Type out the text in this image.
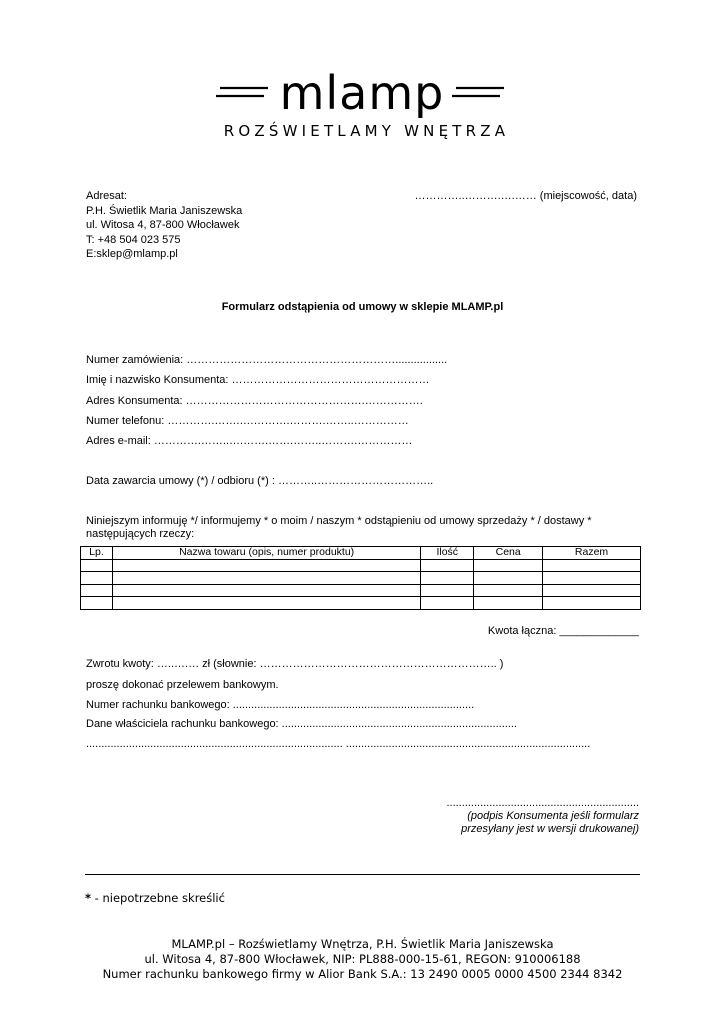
mlamp
ROZŚWIETLAMY WNĘTRZA
Adresat:
P.H. Świetlik Maria Janiszewska
ul. Witosa 4, 87-800 Włocławek
T: +48 504 023 575
E:sklep@mlamp.pl
…………..……….….…… (miejscowość, data)
Formularz odstąpienia od umowy w sklepie MLAMP.pl
Numer zamówienia: ………………………………………………….................
Imię i nazwisko Konsumenta: ………………………………………………
Adres Konsumenta: ………………………………………….…………….
Numer telefonu: ………….…….….……….……….……..……………
Adres e-mail: ………….……..….…….…….……..……….……………
Data zawarcia umowy (*) / odbioru (*) : ………..…………………………..
Niniejszym informuję */ informujemy * o moim / naszym * odstąpieniu od umowy sprzedaży * / dostawy *
następujących rzeczy:
Lp.	Nazwa towaru (opis, numer produktu)	Ilość	Cena	Razem

Kwota łączna: _____________
Zwrotu kwoty: …..….… zł (słownie: ……………………………………………………….. )
proszę dokonać przelewem bankowym.
Numer rachunku bankowego: ...............................................................................
Dane właściciela rachunku bankowego: .............................................................................
.................................................................................... ................................................................................
...............................................................
(podpis Konsumenta jeśli formularz
przesyłany jest w wersji drukowanej)
* - niepotrzebne skreślić
MLAMP.pl – Rozświetlamy Wnętrza, P.H. Świetlik Maria Janiszewska
ul. Witosa 4, 87-800 Włocławek, NIP: PL888-000-15-61, REGON: 910006188
Numer rachunku bankowego firmy w Alior Bank S.A.: 13 2490 0005 0000 4500 2344 8342
